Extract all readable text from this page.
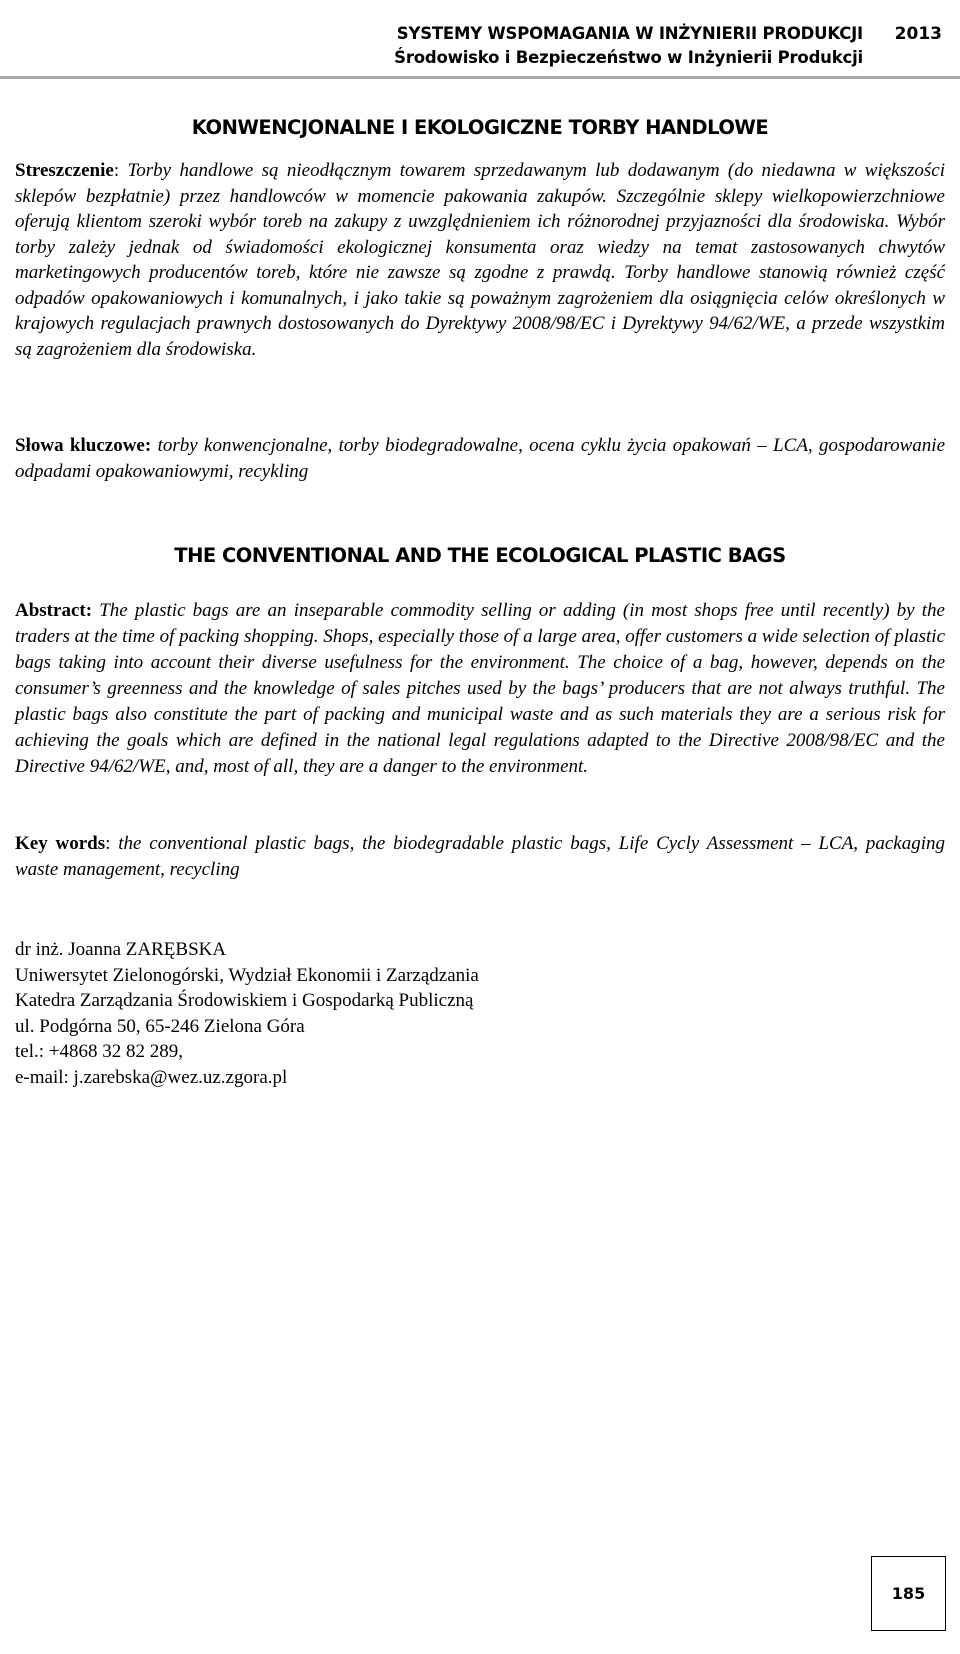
SYSTEMY WSPOMAGANIA W INŻYNIERII PRODUKCJI
Środowisko i Bezpieczeństwo w Inżynierii Produkcji
2013
KONWENCJONALNE I EKOLOGICZNE TORBY HANDLOWE
Streszczenie: Torby handlowe są nieodłącznym towarem sprzedawanym lub dodawanym (do niedawna w większości sklepów bezpłatnie) przez handlowców w momencie pakowania zakupów. Szczególnie sklepy wielkopowierzchniowe oferują klientom szeroki wybór toreb na zakupy z uwzględnieniem ich różnorodnej przyjazności dla środowiska. Wybór torby zależy jednak od świadomości ekologicznej konsumenta oraz wiedzy na temat zastosowanych chwytów marketingowych producentów toreb, które nie zawsze są zgodne z prawdą. Torby handlowe stanowią również część odpadów opakowaniowych i komunalnych, i jako takie są poważnym zagrożeniem dla osiągnięcia celów określonych w krajowych regulacjach prawnych dostosowanych do Dyrektywy 2008/98/EC i Dyrektywy 94/62/WE, a przede wszystkim są zagrożeniem dla środowiska.
Słowa kluczowe: torby konwencjonalne, torby biodegradowalne, ocena cyklu życia opakowań – LCA, gospodarowanie odpadami opakowaniowymi, recykling
THE CONVENTIONAL AND THE ECOLOGICAL PLASTIC BAGS
Abstract: The plastic bags are an inseparable commodity selling or adding (in most shops free until recently) by the traders at the time of packing shopping. Shops, especially those of a large area, offer customers a wide selection of plastic bags taking into account their diverse usefulness for the environment. The choice of a bag, however, depends on the consumer’s greenness and the knowledge of sales pitches used by the bags’ producers that are not always truthful. The plastic bags also constitute the part of packing and municipal waste and as such materials they are a serious risk for achieving the goals which are defined in the national legal regulations adapted to the Directive 2008/98/EC and the Directive 94/62/WE, and, most of all, they are a danger to the environment.
Key words: the conventional plastic bags, the biodegradable plastic bags, Life Cycly Assessment – LCA, packaging waste management, recycling
dr inż. Joanna ZARĘBSKA
Uniwersytet Zielonogórski, Wydział Ekonomii i Zarządzania
Katedra Zarządzania Środowiskiem i Gospodarką Publiczną
ul. Podgórna 50, 65-246 Zielona Góra
tel.: +4868 32 82 289,
e-mail: j.zarebska@wez.uz.zgora.pl
185
